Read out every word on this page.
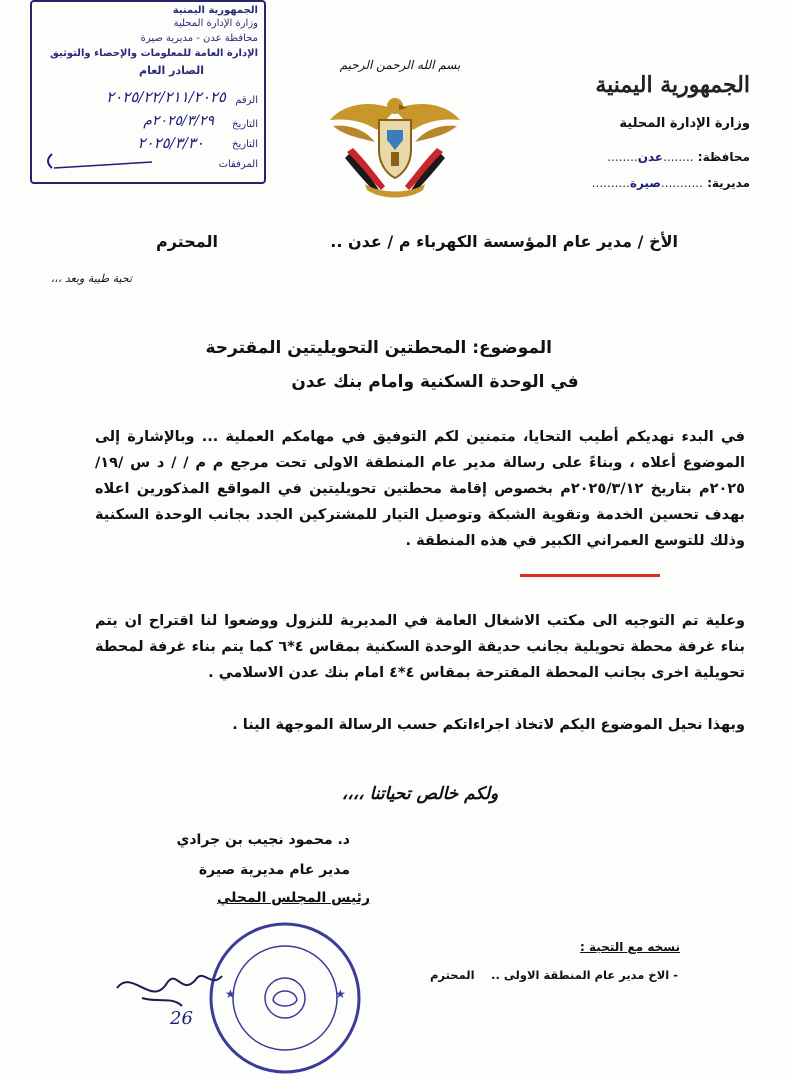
الجمهورية اليمنية
وزارة الإدارة المحلية
محافظة عدن - مديرية صيرة
الإدارة العامة للمعلومات والإحصاء والتوثيق
الصادر العام
الرقم
٢٠٢٥/٢٢/٢١١/٢٠٢٥
التاريخ
٢٠٢٥/٣/٢٩م
التاريخ
٢٠٢٥/٣/٣٠
المرفقات
بسم الله الرحمن الرحيم
الجمهورية اليمنية
وزارة الإدارة المحلية
محافظة: ........عدن........
مديرية: ...........صيرة..........
الأخ / مدير عام المؤسسة الكهرباء م / عدن ..
المحترم
تحية طيبة وبعد ،،،
الموضوع: المحطتين التحويليتين المقترحة
في الوحدة السكنية وامام بنك عدن
في البدء نهديكم أطيب التحايا، متمنين لكم التوفيق في مهامكم العملية ... وبالإشارة إلى الموضوع أعلاه ، وبناءً على رسالة مدير عام المنطقة الاولى تحت مرجع م م / / د س /١٩/ ٢٠٢٥م بتاريخ ٢٠٢٥/٣/١٢م بخصوص إقامة محطتين تحويليتين في المواقع المذكورين اعلاه بهدف تحسين الخدمة وتقوية الشبكة وتوصيل التيار للمشتركين الجدد بجانب الوحدة السكنية وذلك للتوسع العمراني الكبير في هذه المنطقة .
وعلية تم التوجيه الى مكتب الاشغال العامة في المديرية للنزول ووضعوا لنا اقتراح ان يتم بناء غرفة محطة تحويلية بجانب حديقة الوحدة السكنية بمقاس ٤*٦ كما يتم بناء غرفة لمحطة تحويلية اخرى بجانب المحطة المقترحة بمقاس ٤*٤ امام بنك عدن الاسلامي .
وبهذا نحيل الموضوع اليكم لاتخاذ اجراءاتكم حسب الرسالة الموجهة الينا .
ولكم خالص تحياتنا ،،،،
د. محمود نجيب بن جرادي
مدير عام مديرية صيرة
رئيس المجلس المحلي
★	★
26
نسخه مع التحية :
- الاخ مدير عام المنطقة الاولى ..
المحترم
